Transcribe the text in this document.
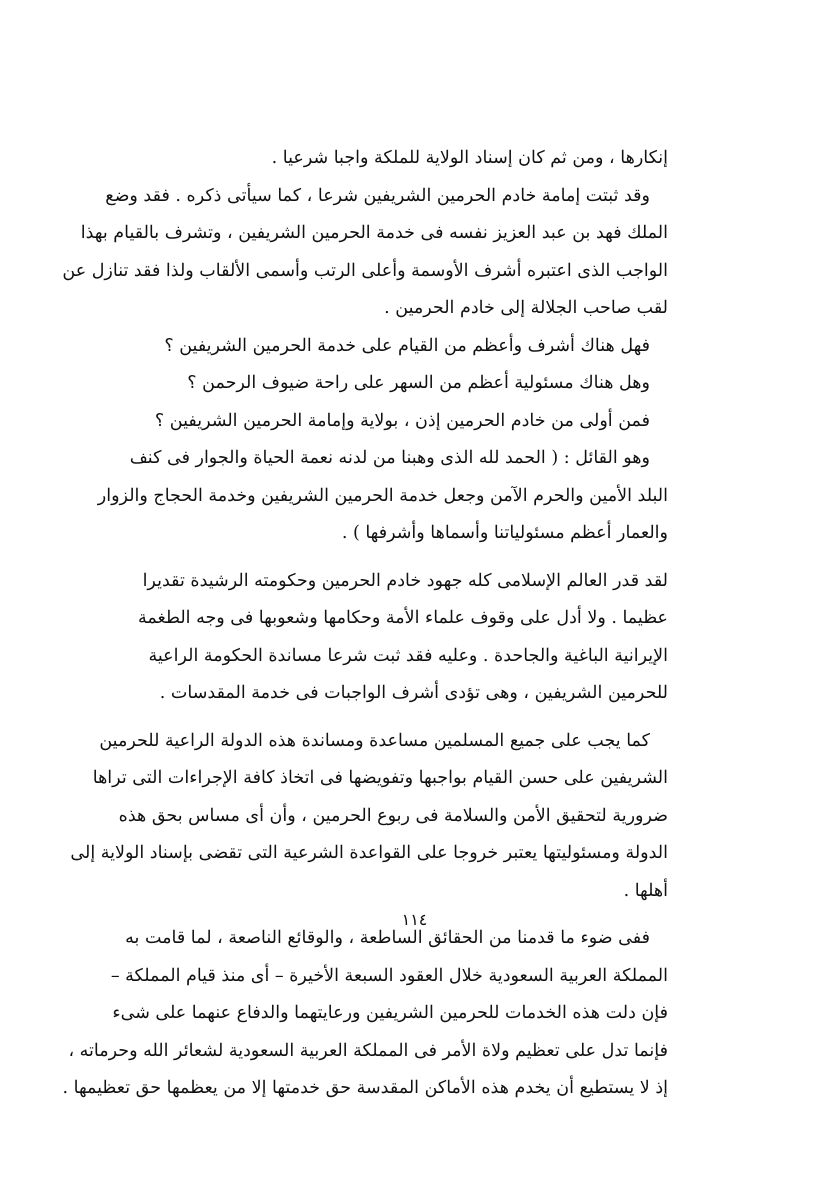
إنكارها ، ومن ثم كان إسناد الولاية للملكة واجبا شرعيا .
وقد ثبتت إمامة خادم الحرمين الشريفين شرعا ، كما سيأتى ذكره . فقد وضع
الملك فهد بن عبد العزيز نفسه فى خدمة الحرمين الشريفين ، وتشرف بالقيام بهذا
الواجب الذى اعتبره أشرف الأوسمة وأعلى الرتب وأسمى الألقاب ولذا فقد تنازل عن
لقب صاحب الجلالة إلى خادم الحرمين .
فهل هناك أشرف وأعظم من القيام على خدمة الحرمين الشريفين ؟
وهل هناك مسئولية أعظم من السهر على راحة ضيوف الرحمن ؟
فمن أولى من خادم الحرمين إذن ، بولاية وإمامة الحرمين الشريفين ؟
وهو القائل : ( الحمد لله الذى وهبنا من لدنه نعمة الحياة والجوار فى كنف
البلد الأمين والحرم الآمن وجعل خدمة الحرمين الشريفين وخدمة الحجاج والزوار
والعمار أعظم مسئولياتنا وأسماها وأشرفها ) .
لقد قدر العالم الإسلامى كله جهود خادم الحرمين وحكومته الرشيدة تقديرا
عظيما . ولا أدل على وقوف علماء الأمة وحكامها وشعوبها فى وجه الطغمة
الإيرانية الباغية والجاحدة . وعليه فقد ثبت شرعا مساندة الحكومة الراعية
للحرمين الشريفين ، وهى تؤدى أشرف الواجبات فى خدمة المقدسات .
كما يجب على جميع المسلمين مساعدة ومساندة هذه الدولة الراعية للحرمين
الشريفين على حسن القيام بواجبها وتفويضها فى اتخاذ كافة الإجراءات التى تراها
ضرورية لتحقيق الأمن والسلامة فى ربوع الحرمين ، وأن أى مساس بحق هذه
الدولة ومسئوليتها يعتبر خروجا على القواعدة الشرعية التى تقضى بإسناد الولاية إلى
أهلها .
ففى ضوء ما قدمنا من الحقائق الساطعة ، والوقائع الناصعة ، لما قامت به
المملكة العربية السعودية خلال العقود السبعة الأخيرة – أى منذ قيام المملكة –
فإن دلت هذه الخدمات للحرمين الشريفين ورعايتهما والدفاع عنهما على شىء
فإنما تدل على تعظيم ولاة الأمر فى المملكة العربية السعودية لشعائر الله وحرماته ،
إذ لا يستطيع أن يخدم هذه الأماكن المقدسة حق خدمتها إلا من يعظمها حق تعظيمها .
١١٤
